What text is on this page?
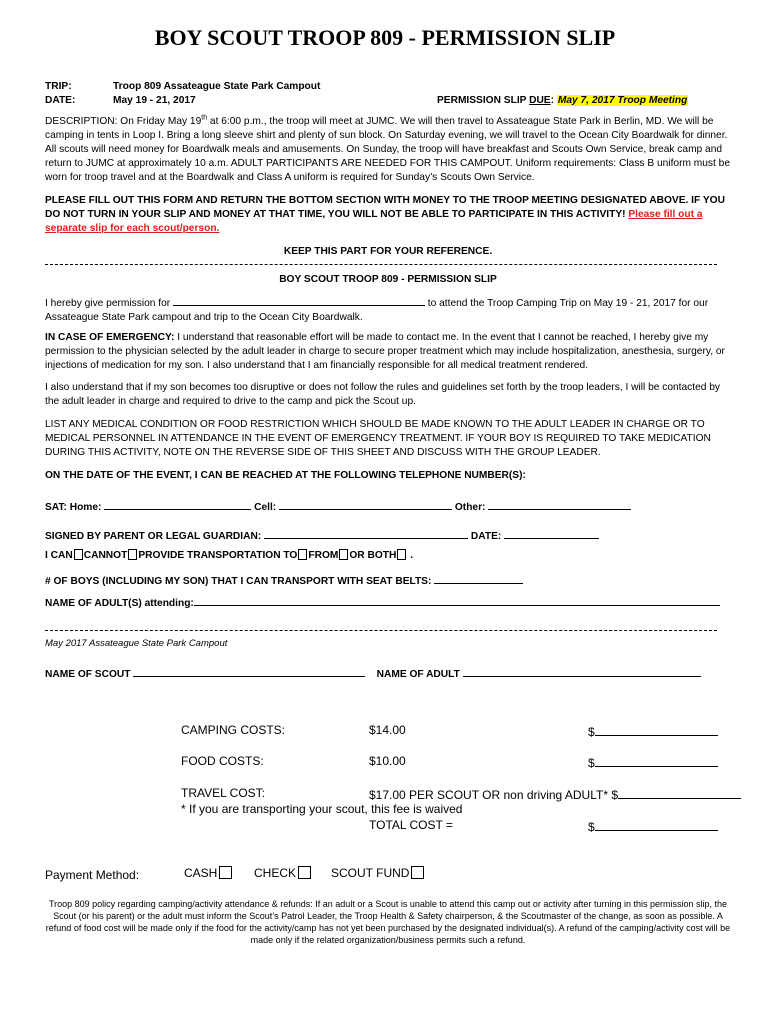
BOY SCOUT TROOP 809 - PERMISSION SLIP
TRIP:	Troop 809 Assateague State Park Campout
DATE:	May 19 - 21, 2017	PERMISSION SLIP DUE: May 7, 2017 Troop Meeting
DESCRIPTION: On Friday May 19th at 6:00 p.m., the troop will meet at JUMC. We will then travel to Assateague State Park in Berlin, MD. We will be camping in tents in Loop I. Bring a long sleeve shirt and plenty of sun block. On Saturday evening, we will travel to the Ocean City Boardwalk for dinner. All scouts will need money for Boardwalk meals and amusements. On Sunday, the troop will have breakfast and Scouts Own Service, break camp and return to JUMC at approximately 10 a.m. ADULT PARTICIPANTS ARE NEEDED FOR THIS CAMPOUT. Uniform requirements: Class B uniform must be worn for troop travel and at the Boardwalk and Class A uniform is required for Sunday’s Scouts Own Service.
PLEASE FILL OUT THIS FORM AND RETURN THE BOTTOM SECTION WITH MONEY TO THE TROOP MEETING DESIGNATED ABOVE. IF YOU DO NOT TURN IN YOUR SLIP AND MONEY AT THAT TIME, YOU WILL NOT BE ABLE TO PARTICIPATE IN THIS ACTIVITY! Please fill out a separate slip for each scout/person.
KEEP THIS PART FOR YOUR REFERENCE.
BOY SCOUT TROOP 809 - PERMISSION SLIP
I hereby give permission for	to attend the Troop Camping Trip on May 19 - 21, 2017 for our Assateague State Park campout and trip to the Ocean City Boardwalk.
IN CASE OF EMERGENCY: I understand that reasonable effort will be made to contact me. In the event that I cannot be reached, I hereby give my permission to the physician selected by the adult leader in charge to secure proper treatment which may include hospitalization, anesthesia, surgery, or injections of medication for my son. I also understand that I am financially responsible for all medical treatment rendered.
I also understand that if my son becomes too disruptive or does not follow the rules and guidelines set forth by the troop leaders, I will be contacted by the adult leader in charge and required to drive to the camp and pick the Scout up.
LIST ANY MEDICAL CONDITION OR FOOD RESTRICTION WHICH SHOULD BE MADE KNOWN TO THE ADULT LEADER IN CHARGE OR TO MEDICAL PERSONNEL IN ATTENDANCE IN THE EVENT OF EMERGENCY TREATMENT. IF YOUR BOY IS REQUIRED TO TAKE MEDICATION DURING THIS ACTIVITY, NOTE ON THE REVERSE SIDE OF THIS SHEET AND DISCUSS WITH THE GROUP LEADER.
ON THE DATE OF THE EVENT, I CAN BE REACHED AT THE FOLLOWING TELEPHONE NUMBER(S):
SAT: Home:	Cell:	Other:
SIGNED BY PARENT OR LEGAL GUARDIAN:	DATE:
I CAN CANNOT PROVIDE TRANSPORTATION TO FROM OR BOTH .
# OF BOYS (INCLUDING MY SON) THAT I CAN TRANSPORT WITH SEAT BELTS:
NAME OF ADULT(S) attending:
May 2017 Assateague State Park Campout
NAME OF SCOUT	NAME OF ADULT
CAMPING COSTS:	$14.00	$
FOOD COSTS:	$10.00	$
TRAVEL COST:	$17.00 PER SCOUT OR non driving ADULT* $
* If you are transporting your scout, this fee is waived
TOTAL COST =	$
Payment Method:	CASH	CHECK	SCOUT FUND
Troop 809 policy regarding camping/activity attendance & refunds: If an adult or a Scout is unable to attend this camp out or activity after turning in this permission slip, the Scout (or his parent) or the adult must inform the Scout’s Patrol Leader, the Troop Health & Safety chairperson, & the Scoutmaster of the change, as soon as possible. A refund of food cost will be made only if the food for the activity/camp has not yet been purchased by the designated individual(s). A refund of the camping/activity cost will be made only if the related organization/business permits such a refund.
